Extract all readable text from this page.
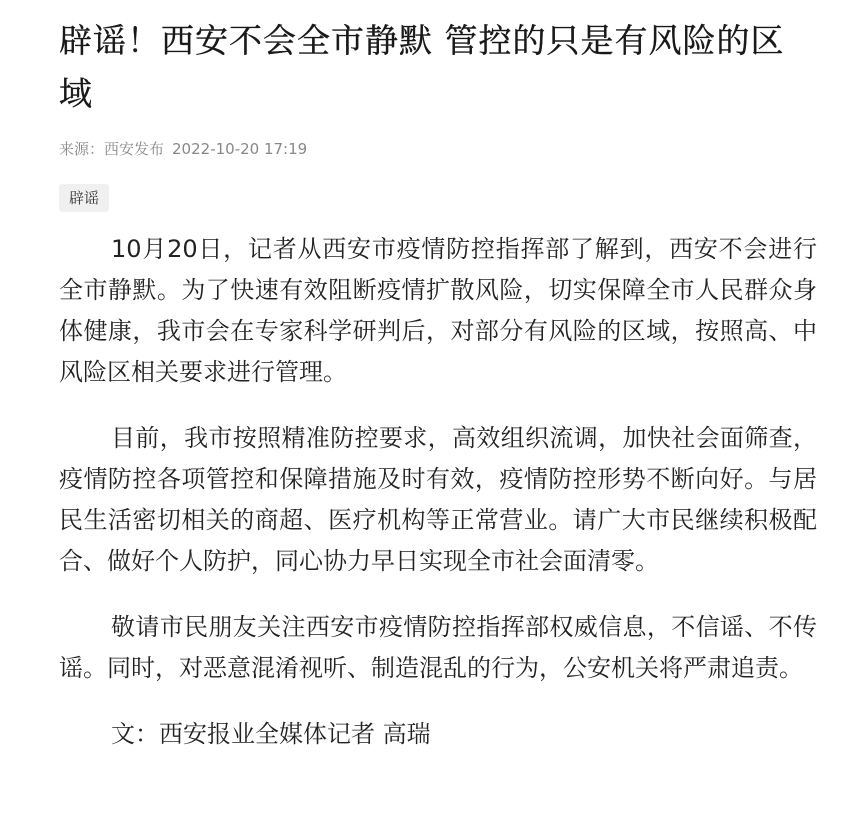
辟谣！西安不会全市静默 管控的只是有风险的区域
来源：西安发布 2022-10-20 17:19
辟谣

10月20日，记者从西安市疫情防控指挥部了解到，西安不会进行全市静默。为了快速有效阻断疫情扩散风险，切实保障全市人民群众身体健康，我市会在专家科学研判后，对部分有风险的区域，按照高、中风险区相关要求进行管理。

目前，我市按照精准防控要求，高效组织流调，加快社会面筛查，疫情防控各项管控和保障措施及时有效，疫情防控形势不断向好。与居民生活密切相关的商超、医疗机构等正常营业。请广大市民继续积极配合、做好个人防护，同心协力早日实现全市社会面清零。

敬请市民朋友关注西安市疫情防控指挥部权威信息，不信谣、不传谣。同时，对恶意混淆视听、制造混乱的行为，公安机关将严肃追责。

文：西安报业全媒体记者 高瑞
